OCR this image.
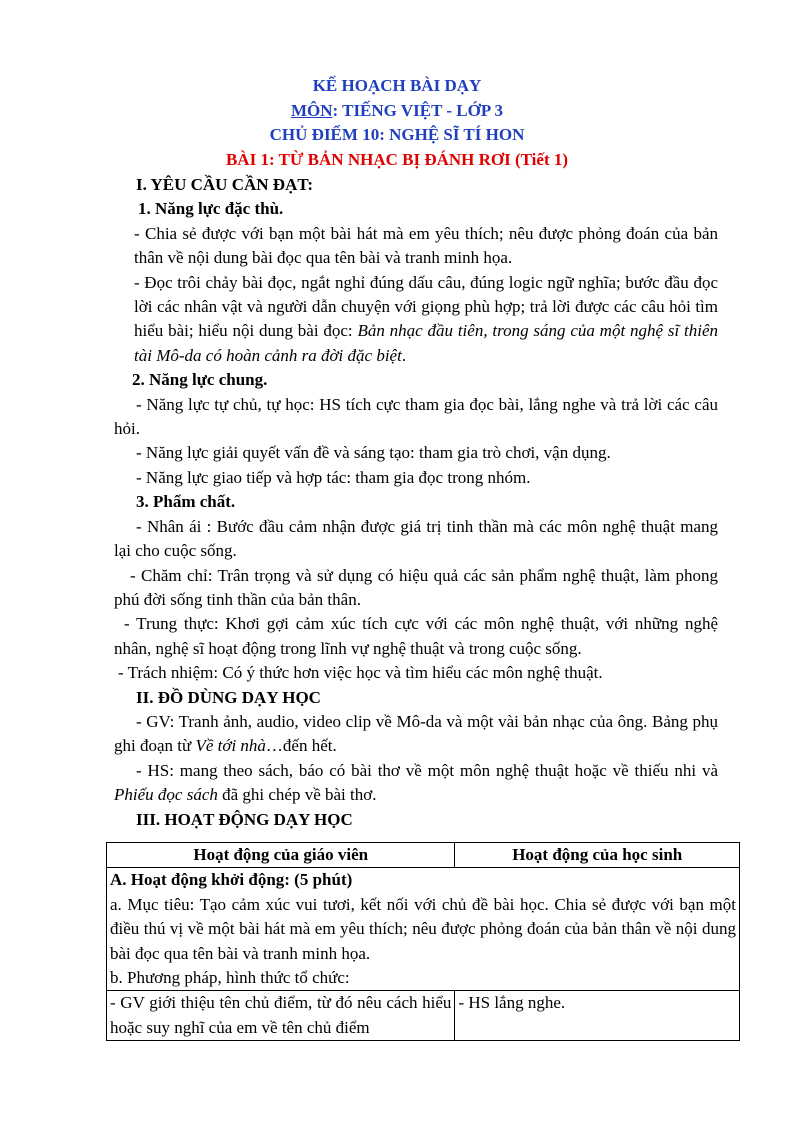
KẾ HOẠCH BÀI DẠY
MÔN: TIẾNG VIỆT - LỚP 3
CHỦ ĐIỂM 10: NGHỆ SĨ TÍ HON
BÀI 1: TỪ BẢN NHẠC BỊ ĐÁNH RƠI (Tiết 1)

I. YÊU CẦU CẦN ĐẠT:

1. Năng lực đặc thù.

- Chia sẻ được với bạn một bài hát mà em yêu thích; nêu được phỏng đoán của bản thân về nội dung bài đọc qua tên bài và tranh minh họa.

- Đọc trôi chảy bài đọc, ngắt nghỉ đúng dấu câu, đúng logic ngữ nghĩa; bước đầu đọc lời các nhân vật và người dẫn chuyện với giọng phù hợp; trả lời được các câu hỏi tìm hiểu bài; hiểu nội dung bài đọc: Bản nhạc đầu tiên, trong sáng của một nghệ sĩ thiên tài Mô-da có hoàn cảnh ra đời đặc biệt.

2. Năng lực chung.

- Năng lực tự chủ, tự học: HS tích cực tham gia đọc bài, lắng nghe và trả lời các câu hỏi.

- Năng lực giải quyết vấn đề và sáng tạo: tham gia trò chơi, vận dụng.

- Năng lực giao tiếp và hợp tác: tham gia đọc trong nhóm.

3. Phẩm chất.

- Nhân ái : Bước đầu cảm nhận được giá trị tinh thần mà các môn nghệ thuật mang lại cho cuộc sống.

- Chăm chỉ: Trân trọng và sử dụng có hiệu quả các sản phẩm nghệ thuật, làm phong phú đời sống tinh thần của bản thân.

- Trung thực: Khơi gợi cảm xúc tích cực với các môn nghệ thuật, với những nghệ nhân, nghệ sĩ hoạt động trong lĩnh vự nghệ thuật và trong cuộc sống.

- Trách nhiệm: Có ý thức hơn việc học và tìm hiểu các môn nghệ thuật.

II. ĐỒ DÙNG DẠY HỌC

- GV: Tranh ảnh, audio, video clip về Mô-da và một vài bản nhạc của ông. Bảng phụ ghi đoạn từ Về tới nhà…đến hết.

- HS: mang theo sách, báo có bài thơ về một môn nghệ thuật hoặc về thiếu nhi và Phiếu đọc sách đã ghi chép về bài thơ.

III. HOẠT ĐỘNG DẠY HỌC

Hoạt động của giáo viên	Hoạt động của học sinh

A. Hoạt động khởi động: (5 phút)
a. Mục tiêu: Tạo cảm xúc vui tươi, kết nối với chủ đề bài học. Chia sẻ được với bạn một điều thú vị về một bài hát mà em yêu thích; nêu được phỏng đoán của bản thân về nội dung bài đọc qua tên bài và tranh minh họa.
b. Phương pháp, hình thức tổ chức:	

- GV giới thiệu tên chủ điểm, từ đó nêu cách hiểu hoặc suy nghĩ của em về tên chủ điểm	- HS lắng nghe.
